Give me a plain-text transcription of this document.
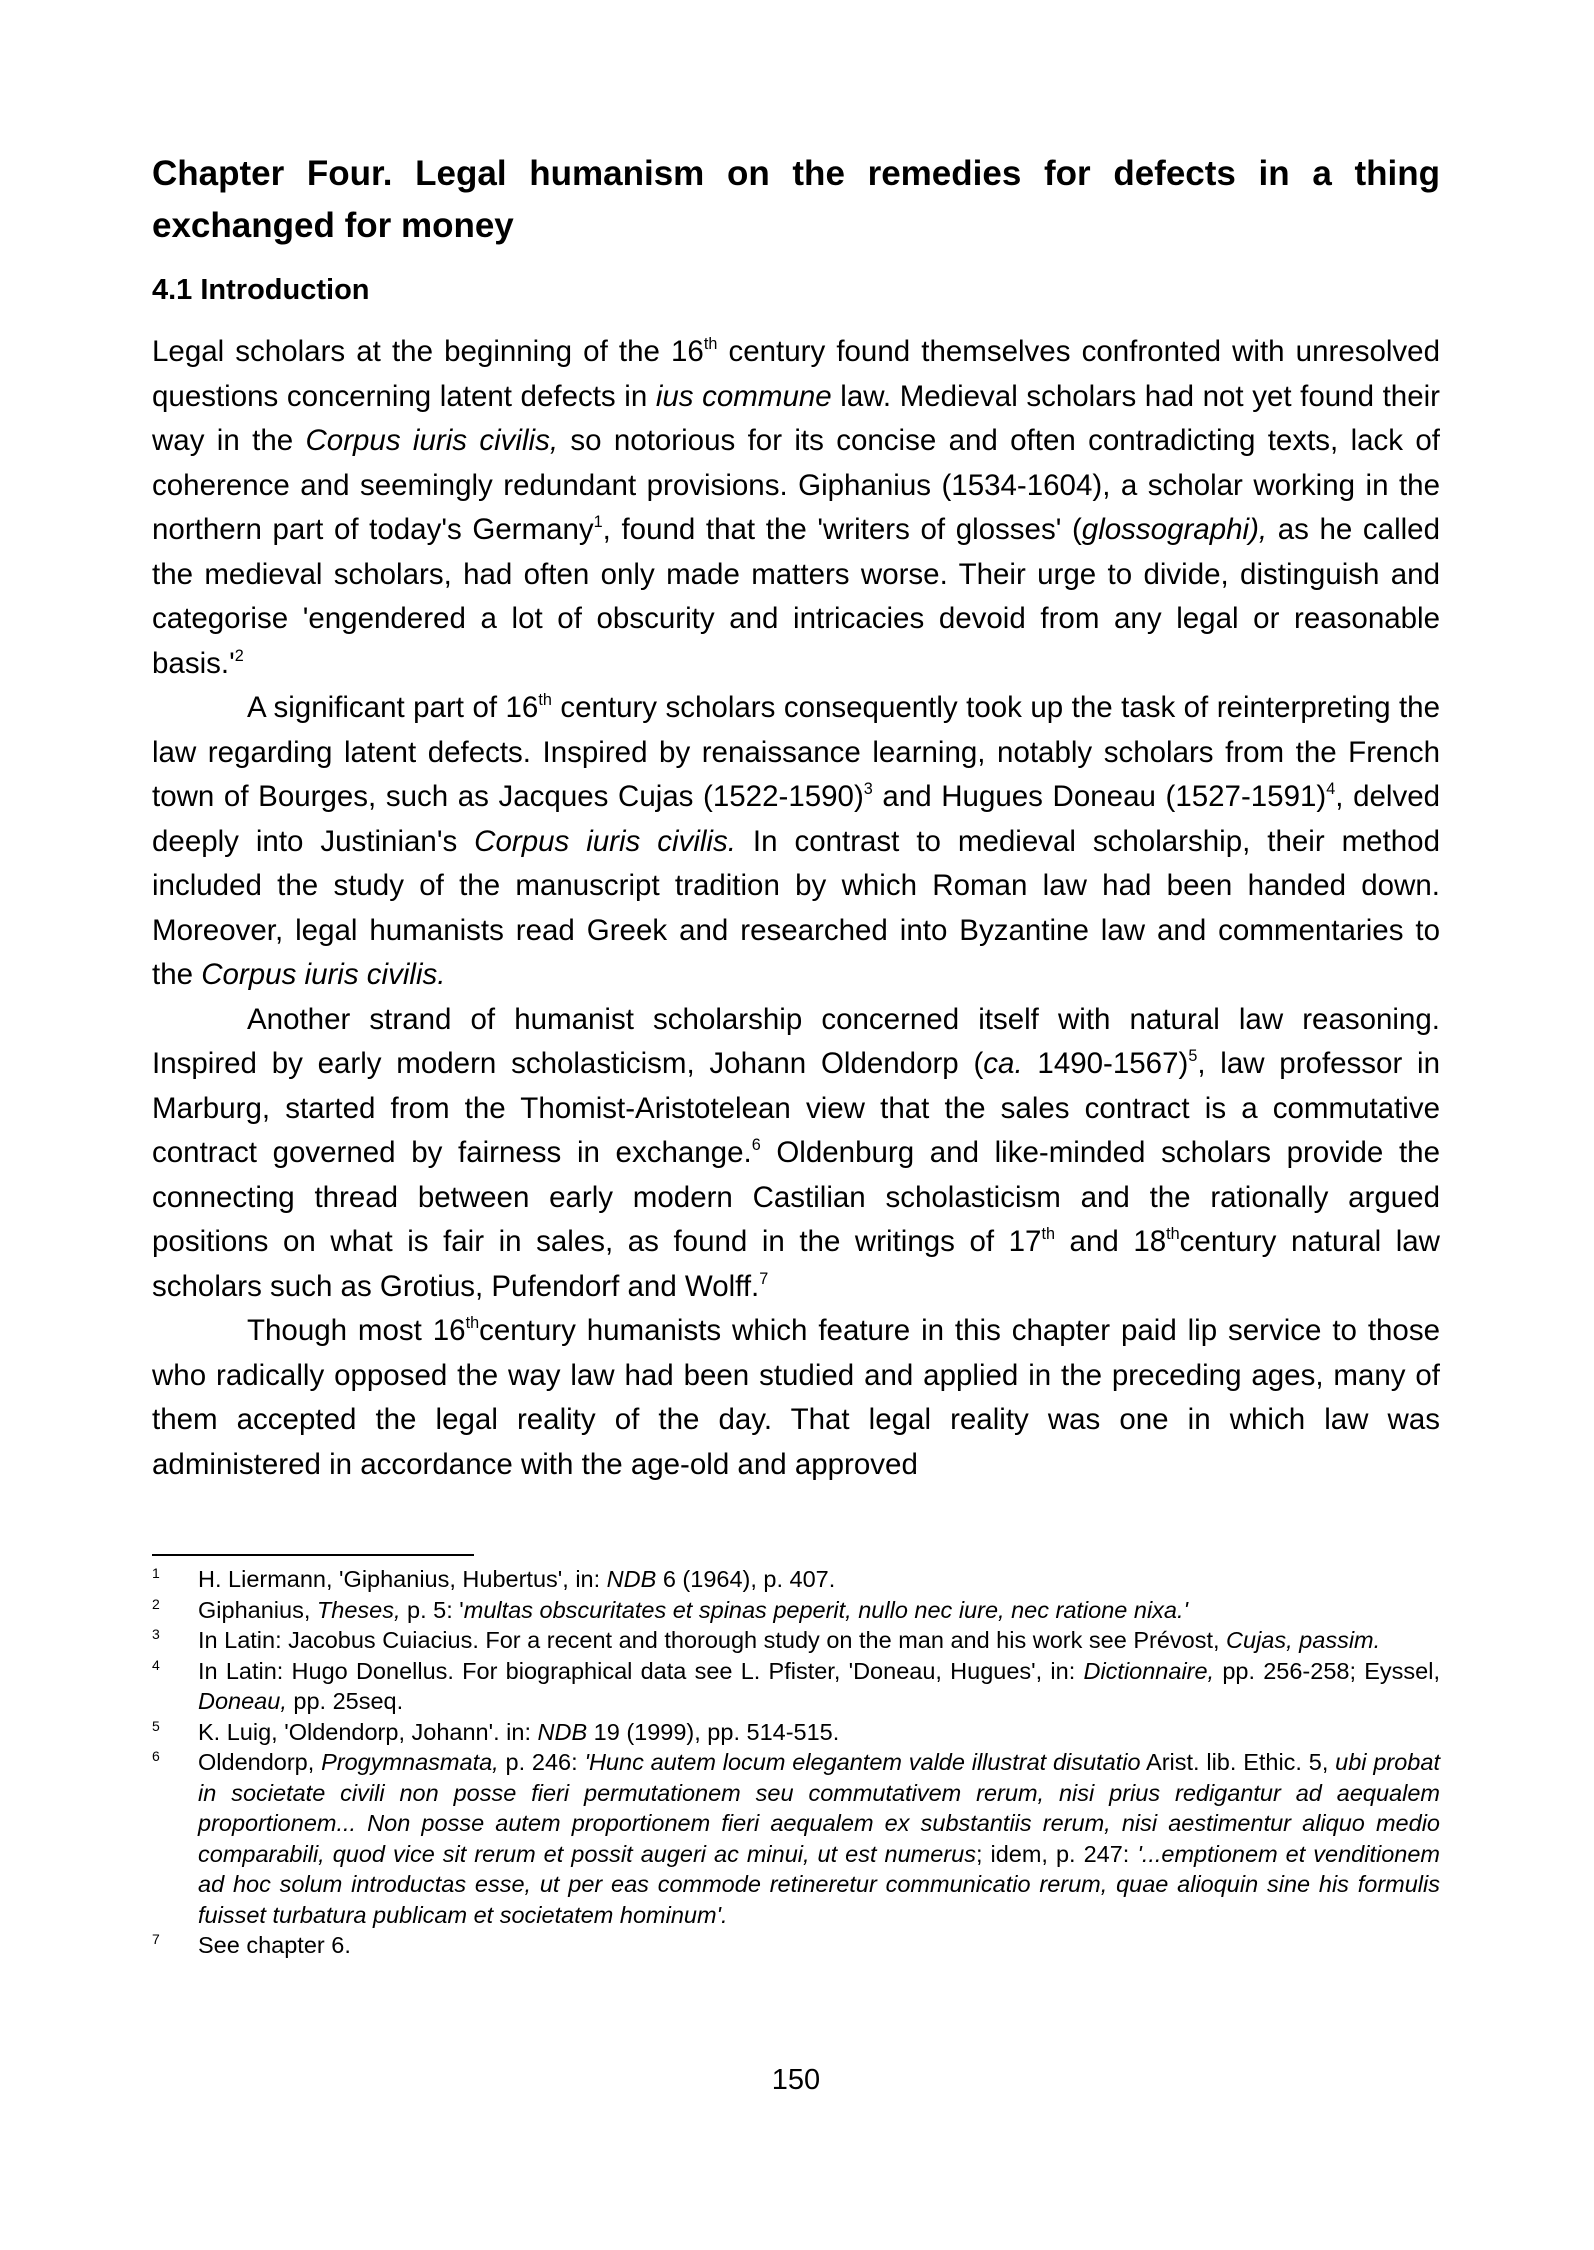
Chapter Four. Legal humanism on the remedies for defects in a thing exchanged for money
4.1 Introduction

Legal scholars at the beginning of the 16th century found themselves confronted with unresolved questions concerning latent defects in ius commune law. Medieval scholars had not yet found their way in the Corpus iuris civilis, so notorious for its concise and often contradicting texts, lack of coherence and seemingly redundant provisions. Giphanius (1534-1604), a scholar working in the northern part of today's Germany$^1$, found that the 'writers of glosses' (glossographi), as he called the medieval scholars, had often only made matters worse. Their urge to divide, distinguish and categorise 'engendered a lot of obscurity and intricacies devoid from any legal or reasonable $basis.'^2$

A significant part of 16th century scholars consequently took up the task of reinterpreting the law regarding latent defects. Inspired by renaissance learning, notably scholars from the French town of Bourges, such as Jacques Cujas (1522-1590)$^3$ and Hugues Doneau (1527-1591)$^4$, delved deeply into Justinian's Corpus iuris civilis. In contrast to medieval scholarship, their method included the study of the manuscript tradition by which Roman law had been handed down. Moreover, legal humanists read Greek and researched into Byzantine law and commentaries to the Corpus iuris civilis.

Another strand of humanist scholarship concerned itself with natural law reasoning. Inspired by early modern scholasticism, Johann Oldendorp (ca. 1490-1567)$^5$, law professor in Marburg, started from the Thomist-Aristotelean view that the sales contract is a commutative contract governed by fairness in exchange.$^6$ Oldenburg and like-minded scholars provide the connecting thread between early modern Castilian scholasticism and the rationally argued positions on what is fair in sales, as found in the writings of 17th and 18thcentury natural law scholars such as Grotius, Pufendorf and Wolff.$^7$

Though most 16thcentury humanists which feature in this chapter paid lip service to those who radically opposed the way law had been studied and applied in the preceding ages, many of them accepted the legal reality of the day. That legal reality was one in which law was administered in accordance with the age-old and approved

1 H. Liermann, 'Giphanius, Hubertus', in: NDB 6 (1964), p. 407.
2 Giphanius, Theses, p. 5: 'multas obscuritates et spinas peperit, nullo nec iure, nec ratione nixa.'
3 In Latin: Jacobus Cuiacius. For a recent and thorough study on the man and his work see Prévost, Cujas, passim.
4 In Latin: Hugo Donellus. For biographical data see L. Pfister, 'Doneau, Hugues', in: Dictionnaire, pp. 256-258; Eyssel, Doneau, pp. 25seq.
5 K. Luig, 'Oldendorp, Johann'. in: NDB 19 (1999), pp. 514-515.
6 Oldendorp, Progymnasmata, p. 246: 'Hunc autem locum elegantem valde illustrat disutatio Arist. lib. Ethic. 5, ubi probat in societate civili non posse fieri permutationem seu commutativem rerum, nisi prius redigantur ad aequalem proportionem... Non posse autem proportionem fieri aequalem ex substantiis rerum, nisi aestimentur aliquo medio comparabili, quod vice sit rerum et possit augeri ac minui, ut est numerus; idem, p. 247: '...emptionem et venditionem ad hoc solum introductas esse, ut per eas commode retineretur communicatio rerum, quae alioquin sine his formulis fuisset turbatura publicam et societatem hominum'.
7 See chapter 6.
150
